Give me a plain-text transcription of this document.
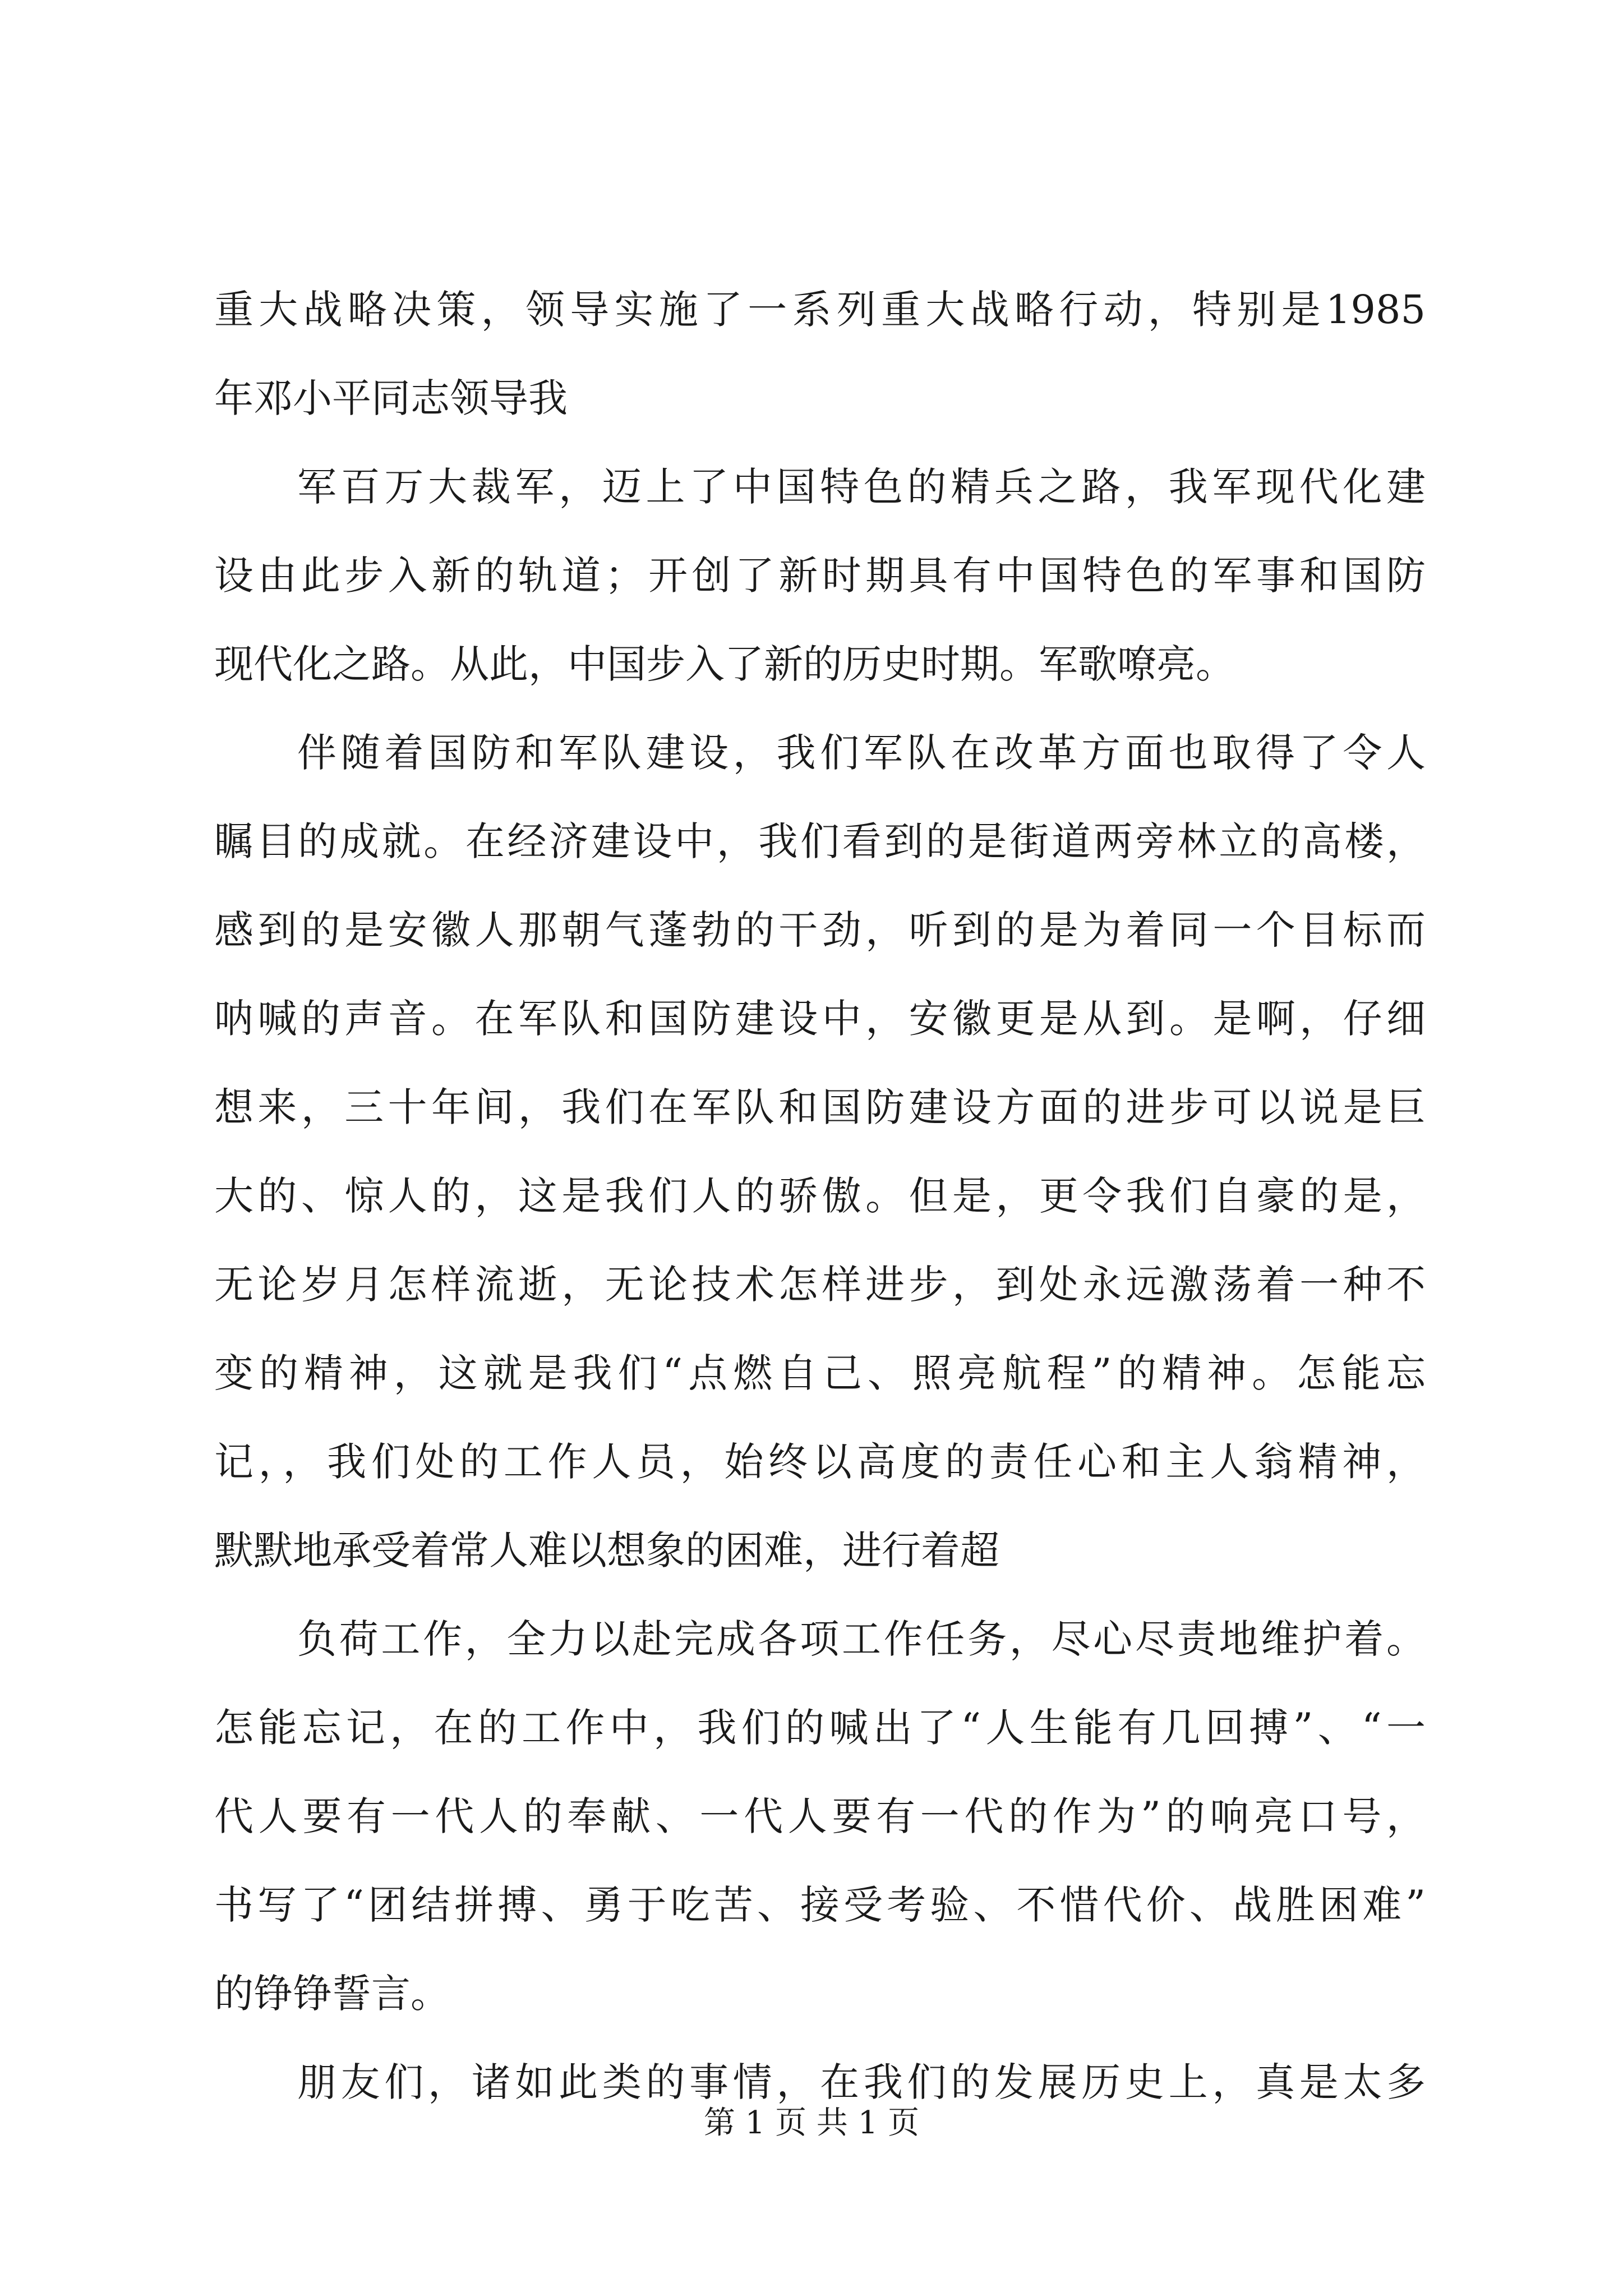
重大战略决策，领导实施了一系列重大战略行动，特别是1985
年邓小平同志领导我
军百万大裁军，迈上了中国特色的精兵之路，我军现代化建
设由此步入新的轨道；开创了新时期具有中国特色的军事和国防
现代化之路。从此，中国步入了新的历史时期。军歌嘹亮。
伴随着国防和军队建设，我们军队在改革方面也取得了令人
瞩目的成就。在经济建设中，我们看到的是街道两旁林立的高楼，
感到的是安徽人那朝气蓬勃的干劲，听到的是为着同一个目标而
呐喊的声音。在军队和国防建设中，安徽更是从到。是啊，仔细
想来，三十年间，我们在军队和国防建设方面的进步可以说是巨
大的、惊人的，这是我们人的骄傲。但是，更令我们自豪的是，
无论岁月怎样流逝，无论技术怎样进步，到处永远激荡着一种不
变的精神，这就是我们“点燃自己、照亮航程”的精神。怎能忘
记，，我们处的工作人员，始终以高度的责任心和主人翁精神，
默默地承受着常人难以想象的困难，进行着超
负荷工作，全力以赴完成各项工作任务，尽心尽责地维护着。
怎能忘记，在的工作中，我们的喊出了“人生能有几回搏”、“一
代人要有一代人的奉献、一代人要有一代的作为”的响亮口号，
书写了“团结拼搏、勇于吃苦、接受考验、不惜代价、战胜困难”
的铮铮誓言。
朋友们，诸如此类的事情，在我们的发展历史上，真是太多
第 1 页 共 1 页
